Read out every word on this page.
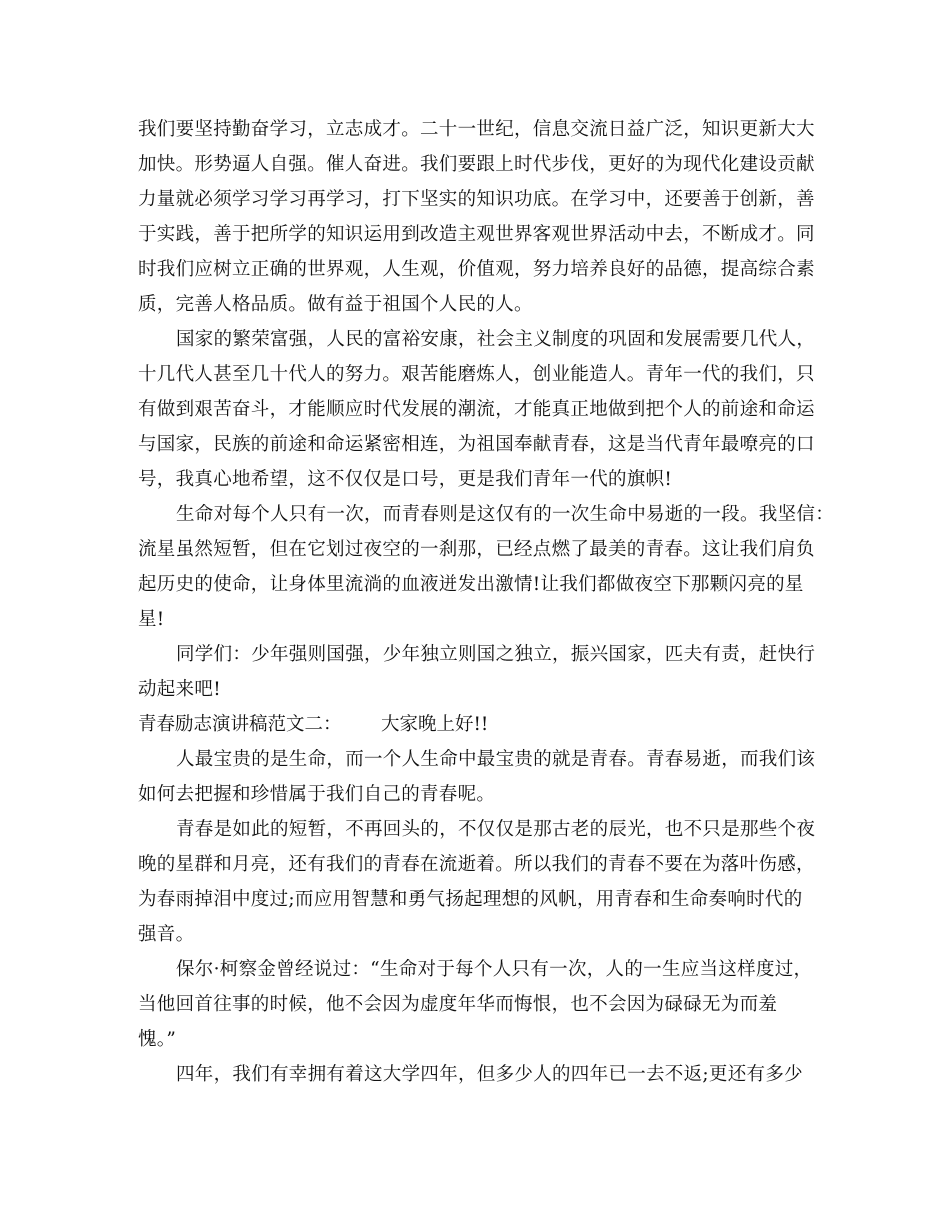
我们要坚持勤奋学习，立志成才。二十一世纪，信息交流日益广泛，知识更新大大
加快。形势逼人自强。催人奋进。我们要跟上时代步伐，更好的为现代化建设贡献
力量就必须学习学习再学习，打下坚实的知识功底。在学习中，还要善于创新，善
于实践，善于把所学的知识运用到改造主观世界客观世界活动中去，不断成才。同
时我们应树立正确的世界观，人生观，价值观，努力培养良好的品德，提高综合素
质，完善人格品质。做有益于祖国个人民的人。
国家的繁荣富强，人民的富裕安康，社会主义制度的巩固和发展需要几代人，
十几代人甚至几十代人的努力。艰苦能磨炼人，创业能造人。青年一代的我们，只
有做到艰苦奋斗，才能顺应时代发展的潮流，才能真正地做到把个人的前途和命运
与国家，民族的前途和命运紧密相连，为祖国奉献青春，这是当代青年最嘹亮的口
号，我真心地希望，这不仅仅是口号，更是我们青年一代的旗帜!
生命对每个人只有一次，而青春则是这仅有的一次生命中易逝的一段。我坚信：
流星虽然短暂，但在它划过夜空的一刹那，已经点燃了最美的青春。这让我们肩负
起历史的使命，让身体里流淌的血液迸发出激情!让我们都做夜空下那颗闪亮的星
星!
同学们：少年强则国强，少年独立则国之独立，振兴国家，匹夫有责，赶快行
动起来吧!
青春励志演讲稿范文二： 大家晚上好!!
人最宝贵的是生命，而一个人生命中最宝贵的就是青春。青春易逝，而我们该
如何去把握和珍惜属于我们自己的青春呢。
青春是如此的短暂，不再回头的，不仅仅是那古老的辰光，也不只是那些个夜
晚的星群和月亮，还有我们的青春在流逝着。所以我们的青春不要在为落叶伤感，
为春雨掉泪中度过;而应用智慧和勇气扬起理想的风帆，用青春和生命奏响时代的
强音。
保尔·柯察金曾经说过：“生命对于每个人只有一次，人的一生应当这样度过，
当他回首往事的时候，他不会因为虚度年华而悔恨，也不会因为碌碌无为而羞
愧。”
四年，我们有幸拥有着这大学四年，但多少人的四年已一去不返;更还有多少
